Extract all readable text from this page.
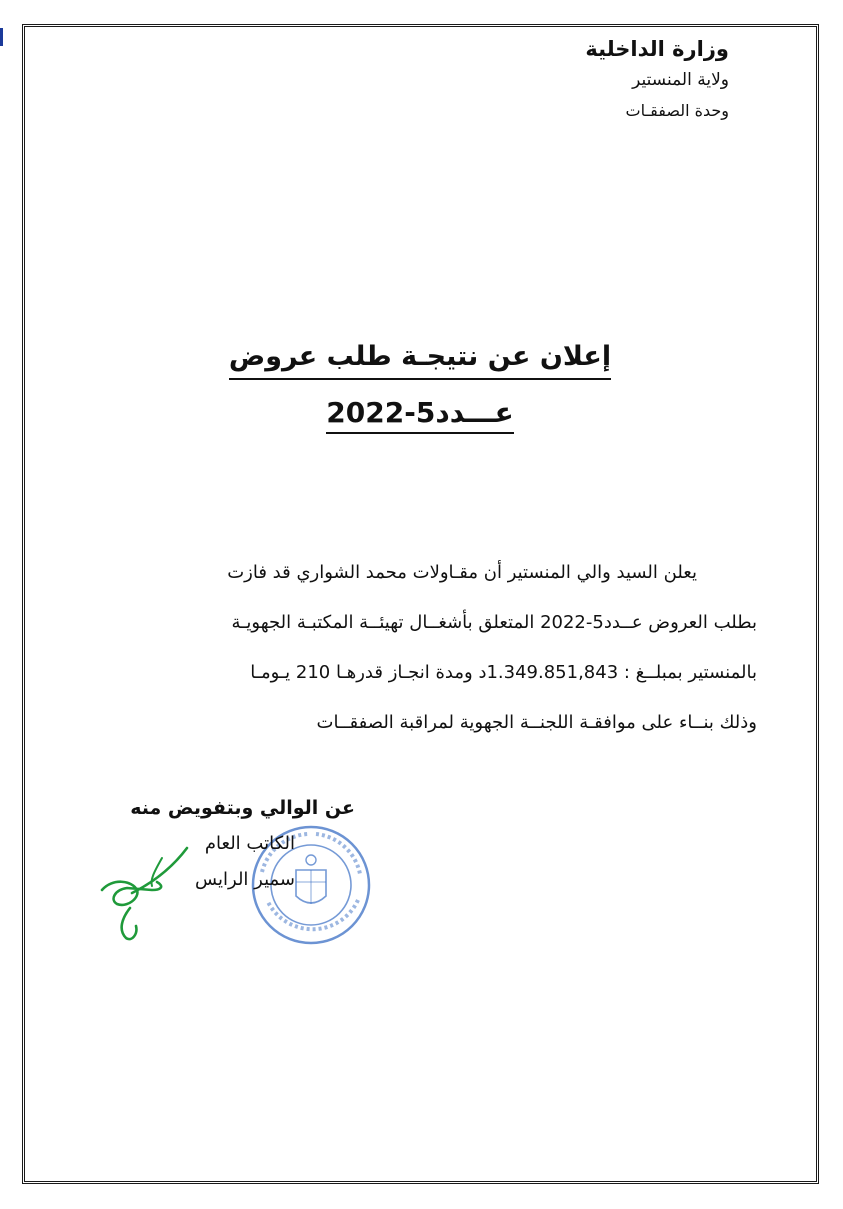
وزارة الداخلية
ولاية المنستير
وحدة الصفقـات
إعلان عن نتيجـة طلب عروض
عـــدد5-2022
يعلن السيد والي المنستير أن مقـاولات محمد الشواري قد فازت
بطلب العروض عــدد5-2022 المتعلق بأشغــال تهيئــة المكتبـة الجهويـة
بالمنستير بمبلــغ : 1.349.851,843د ومدة انجـاز قدرهـا 210 يـومـا
وذلك بنــاء على موافقـة اللجنــة الجهوية لمراقبة الصفقــات
عن الوالي وبتفويض منه
الكاتب العام
سمير الرايس
